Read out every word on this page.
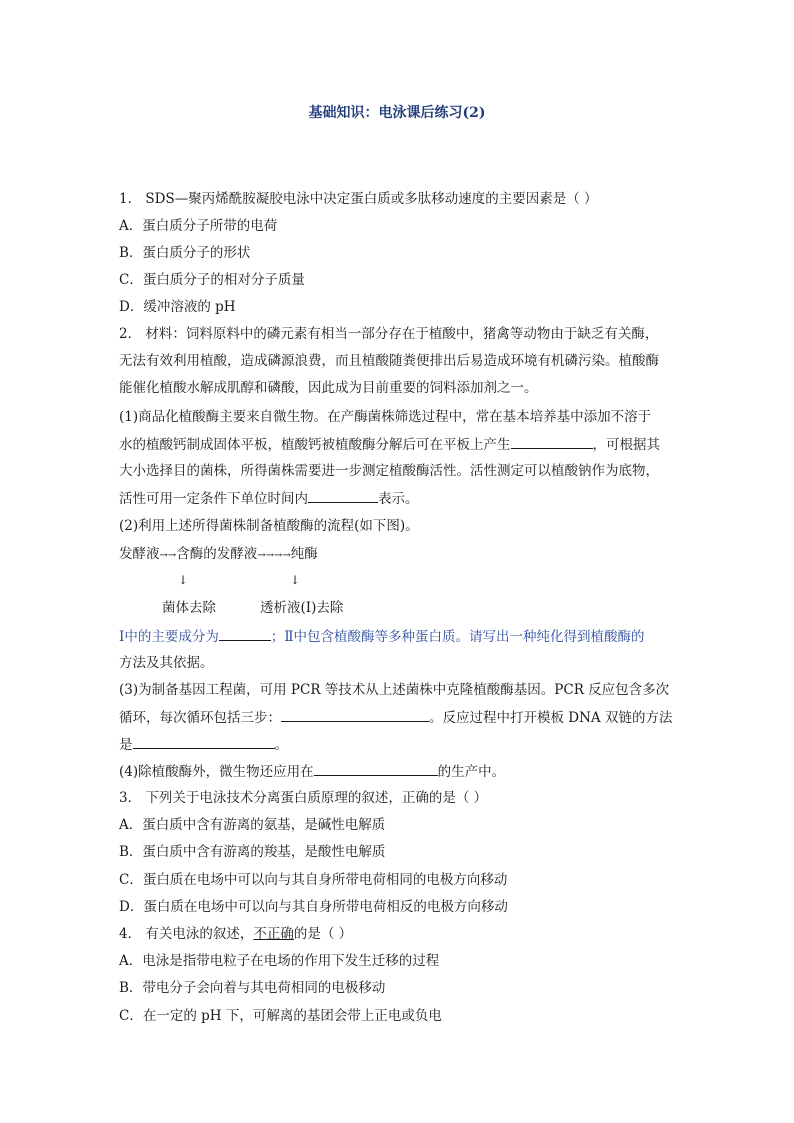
基础知识：电泳课后练习(2)
1． SDS—聚丙烯酰胺凝胶电泳中决定蛋白质或多肽移动速度的主要因素是（ ）
A．蛋白质分子所带的电荷
B．蛋白质分子的形状
C．蛋白质分子的相对分子质量
D．缓冲溶液的 pH
2． 材料：饲料原料中的磷元素有相当一部分存在于植酸中，猪禽等动物由于缺乏有关酶，
无法有效利用植酸，造成磷源浪费，而且植酸随粪便排出后易造成环境有机磷污染。植酸酶
能催化植酸水解成肌醇和磷酸，因此成为目前重要的饲料添加剂之一。
(1)商品化植酸酶主要来自微生物。在产酶菌株筛选过程中，常在基本培养基中添加不溶于
水的植酸钙制成固体平板，植酸钙被植酸酶分解后可在平板上产生	，可根据其
大小选择目的菌株，所得菌株需要进一步测定植酸酶活性。活性测定可以植酸钠作为底物，
活性可用一定条件下单位时间内	表示。
(2)利用上述所得菌株制备植酸酶的流程(如下图)。
发酵液→→含酶的发酵液→→→→纯酶
↓	↓
菌体去除	透析液(Ⅰ)去除
Ⅰ中的主要成分为	；Ⅱ中包含植酸酶等多种蛋白质。请写出一种纯化得到植酸酶的
方法及其依据。
(3)为制备基因工程菌，可用 PCR 等技术从上述菌株中克隆植酸酶基因。PCR 反应包含多次
循环，每次循环包括三步：	。反应过程中打开模板 DNA 双链的方法
是	。
(4)除植酸酶外，微生物还应用在	的生产中。
3． 下列关于电泳技术分离蛋白质原理的叙述，正确的是（ ）
A．蛋白质中含有游离的氨基，是碱性电解质
B．蛋白质中含有游离的羧基，是酸性电解质
C．蛋白质在电场中可以向与其自身所带电荷相同的电极方向移动
D．蛋白质在电场中可以向与其自身所带电荷相反的电极方向移动
4． 有关电泳的叙述，不正确的是（ ）
A．电泳是指带电粒子在电场的作用下发生迁移的过程
B．带电分子会向着与其电荷相同的电极移动
C．在一定的 pH 下，可解离的基团会带上正电或负电
